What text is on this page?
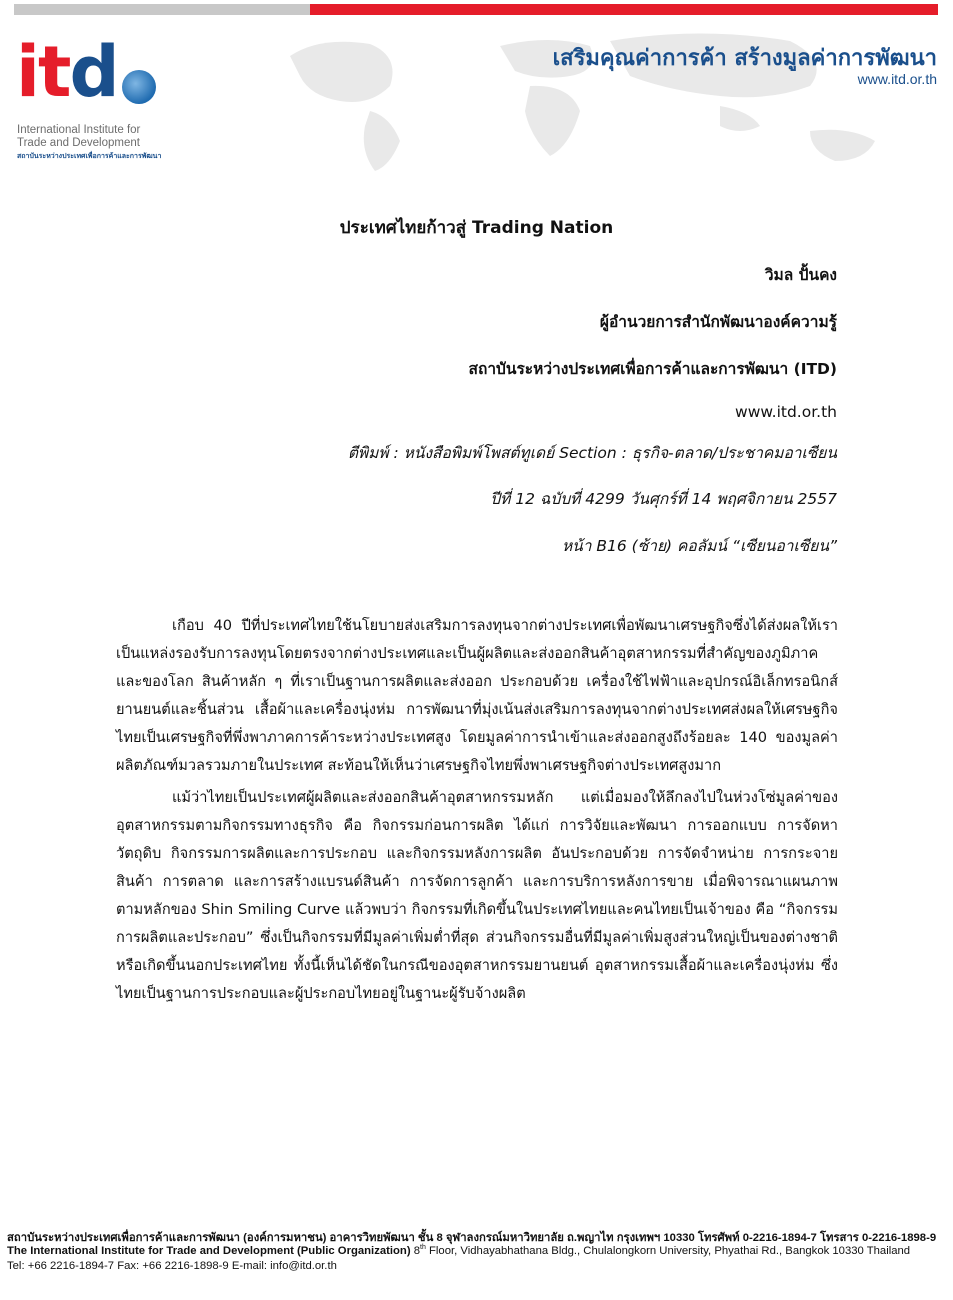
itd
International Institute for
Trade and Development
สถาบันระหว่างประเทศเพื่อการค้าและการพัฒนา
เสริมคุณค่าการค้า สร้างมูลค่าการพัฒนา
www.itd.or.th
ประเทศไทยก้าวสู่ Trading Nation
วิมล ปั้นคง
ผู้อำนวยการสำนักพัฒนาองค์ความรู้
สถาบันระหว่างประเทศเพื่อการค้าและการพัฒนา (ITD)
www.itd.or.th
ตีพิมพ์ : หนังสือพิมพ์โพสต์ทูเดย์ Section : ธุรกิจ-ตลาด/ประชาคมอาเซียน
ปีที่ 12 ฉบับที่ 4299 วันศุกร์ที่ 14 พฤศจิกายน 2557
หน้า B16 (ซ้าย) คอลัมน์ “เซียนอาเซียน”

เกือบ 40 ปีที่ประเทศไทยใช้นโยบายส่งเสริมการลงทุนจากต่างประเทศเพื่อพัฒนาเศรษฐกิจซึ่งได้ส่งผลให้เราเป็นแหล่งรองรับการลงทุนโดยตรงจากต่างประเทศและเป็นผู้ผลิตและส่งออกสินค้าอุตสาหกรรมที่สำคัญของภูมิภาคและของโลก สินค้าหลัก ๆ ที่เราเป็นฐานการผลิตและส่งออก ประกอบด้วย เครื่องใช้ไฟฟ้าและอุปกรณ์อิเล็กทรอนิกส์ ยานยนต์และชิ้นส่วน เสื้อผ้าและเครื่องนุ่งห่ม การพัฒนาที่มุ่งเน้นส่งเสริมการลงทุนจากต่างประเทศส่งผลให้เศรษฐกิจไทยเป็นเศรษฐกิจที่พึ่งพาภาคการค้าระหว่างประเทศสูง โดยมูลค่าการนำเข้าและส่งออกสูงถึงร้อยละ 140 ของมูลค่าผลิตภัณฑ์มวลรวมภายในประเทศ สะท้อนให้เห็นว่าเศรษฐกิจไทยพึ่งพาเศรษฐกิจต่างประเทศสูงมาก

แม้ว่าไทยเป็นประเทศผู้ผลิตและส่งออกสินค้าอุตสาหกรรมหลัก แต่เมื่อมองให้ลึกลงไปในห่วงโซ่มูลค่าของอุตสาหกรรมตามกิจกรรมทางธุรกิจ คือ กิจกรรมก่อนการผลิต ได้แก่ การวิจัยและพัฒนา การออกแบบ การจัดหาวัตถุดิบ กิจกรรมการผลิตและการประกอบ และกิจกรรมหลังการผลิต อันประกอบด้วย การจัดจำหน่าย การกระจายสินค้า การตลาด และการสร้างแบรนด์สินค้า การจัดการลูกค้า และการบริการหลังการขาย เมื่อพิจารณาแผนภาพตามหลักของ Shin Smiling Curve แล้วพบว่า กิจกรรมที่เกิดขึ้นในประเทศไทยและคนไทยเป็นเจ้าของ คือ “กิจกรรมการผลิตและประกอบ” ซึ่งเป็นกิจกรรมที่มีมูลค่าเพิ่มต่ำที่สุด ส่วนกิจกรรมอื่นที่มีมูลค่าเพิ่มสูงส่วนใหญ่เป็นของต่างชาติหรือเกิดขึ้นนอกประเทศไทย ทั้งนี้เห็นได้ชัดในกรณีของอุตสาหกรรมยานยนต์ อุตสาหกรรมเสื้อผ้าและเครื่องนุ่งห่ม ซึ่งไทยเป็นฐานการประกอบและผู้ประกอบไทยอยู่ในฐานะผู้รับจ้างผลิต

สถาบันระหว่างประเทศเพื่อการค้าและการพัฒนา (องค์การมหาชน) อาคารวิทยพัฒนา ชั้น 8 จุฬาลงกรณ์มหาวิทยาลัย ถ.พญาไท กรุงเทพฯ 10330 โทรศัพท์ 0-2216-1894-7 โทรสาร 0-2216-1898-9
The International Institute for Trade and Development (Public Organization) 8th Floor, Vidhayabhathana Bldg., Chulalongkorn University, Phyathai Rd., Bangkok 10330 Thailand
Tel: +66 2216-1894-7 Fax: +66 2216-1898-9 E-mail: info@itd.or.th
